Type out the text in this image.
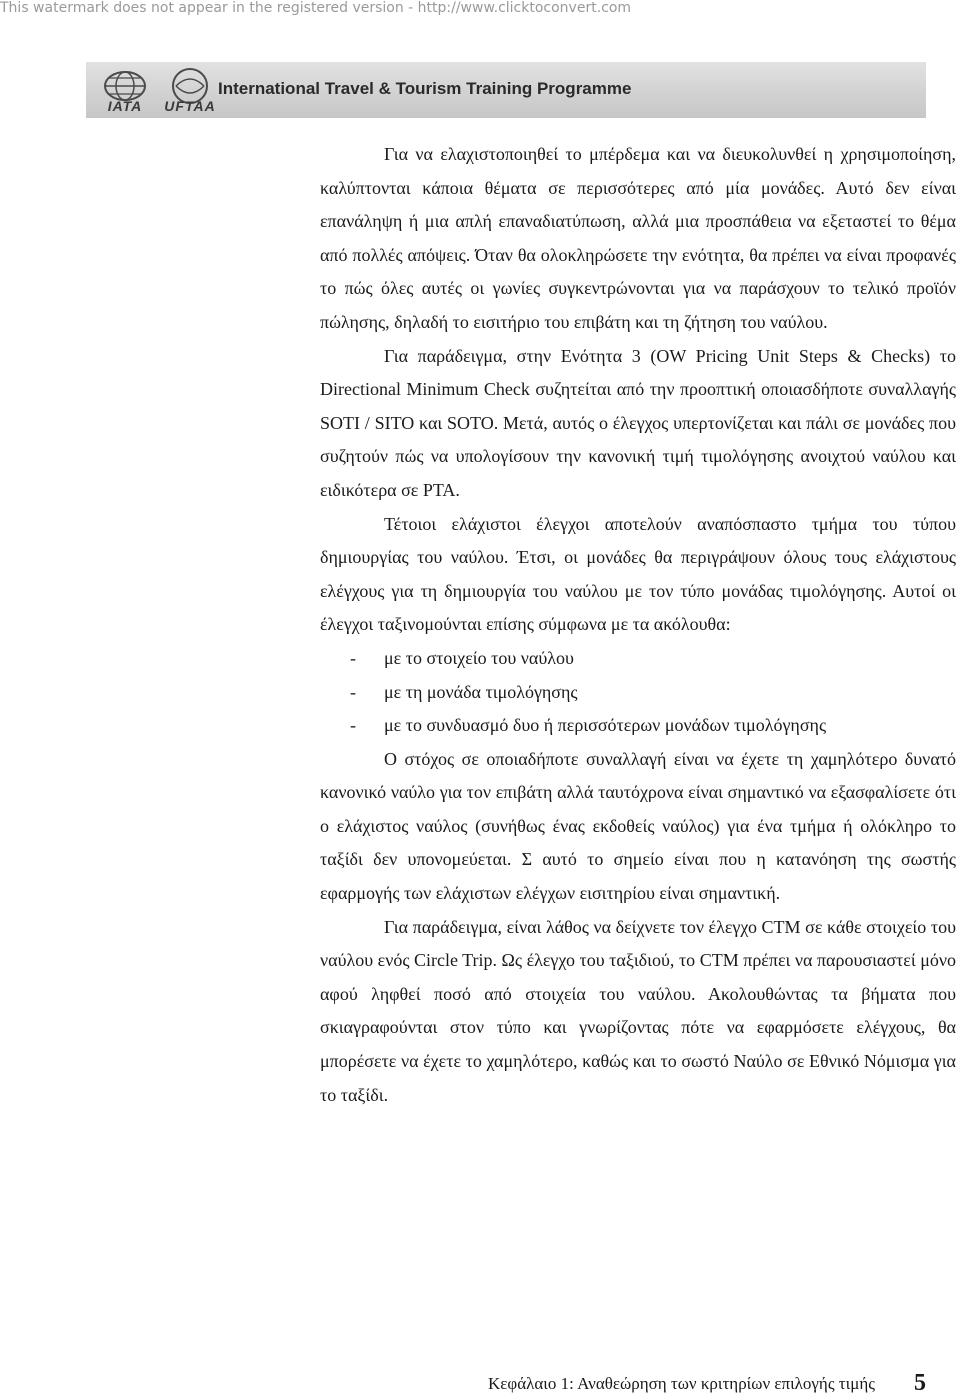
This watermark does not appear in the registered version - http://www.clicktoconvert.com
IATA	UFTAA
International Travel & Tourism Training Programme

Για να ελαχιστοποιηθεί το μπέρδεμα και να διευκολυνθεί η χρησιμοποίηση, καλύπτονται κάποια θέματα σε περισσότερες από μία μονάδες. Αυτό δεν είναι επανάληψη ή μια απλή επαναδιατύπωση, αλλά μια προσπάθεια να εξεταστεί το θέμα από πολλές απόψεις. Όταν θα ολοκληρώσετε την ενότητα, θα πρέπει να είναι προφανές το πώς όλες αυτές οι γωνίες συγκεντρώνονται για να παράσχουν το τελικό προϊόν πώλησης, δηλαδή το εισιτήριο του επιβάτη και τη ζήτηση του ναύλου.

Για παράδειγμα, στην Ενότητα 3 (OW Pricing Unit Steps & Checks) το Directional Minimum Check συζητείται από την προοπτική οποιασδήποτε συναλλαγής SOTI / SITO και SOTO. Μετά, αυτός ο έλεγχος υπερτονίζεται και πάλι σε μονάδες που συζητούν πώς να υπολογίσουν την κανονική τιμή τιμολόγησης ανοιχτού ναύλου και ειδικότερα σε PTA.

Τέτοιοι ελάχιστοι έλεγχοι αποτελούν αναπόσπαστο τμήμα του τύπου δημιουργίας του ναύλου. Έτσι, οι μονάδες θα περιγράψουν όλους τους ελάχιστους ελέγχους για τη δημιουργία του ναύλου με τον τύπο μονάδας τιμολόγησης. Αυτοί οι έλεγχοι ταξινομούνται επίσης σύμφωνα με τα ακόλουθα:

- με το στοιχείο του ναύλου
- με τη μονάδα τιμολόγησης
- με το συνδυασμό δυο ή περισσότερων μονάδων τιμολόγησης

Ο στόχος σε οποιαδήποτε συναλλαγή είναι να έχετε τη χαμηλότερο δυνατό κανονικό ναύλο για τον επιβάτη αλλά ταυτόχρονα είναι σημαντικό να εξασφαλίσετε ότι ο ελάχιστος ναύλος (συνήθως ένας εκδοθείς ναύλος) για ένα τμήμα ή ολόκληρο το ταξίδι δεν υπονομεύεται. Σ αυτό το σημείο είναι που η κατανόηση της σωστής εφαρμογής των ελάχιστων ελέγχων εισιτηρίου είναι σημαντική.

Για παράδειγμα, είναι λάθος να δείχνετε τον έλεγχο CTM σε κάθε στοιχείο του ναύλου ενός Circle Trip. Ως έλεγχο του ταξιδιού, το CTM πρέπει να παρουσιαστεί μόνο αφού ληφθεί ποσό από στοιχεία του ναύλου. Ακολουθώντας τα βήματα που σκιαγραφούνται στον τύπο και γνωρίζοντας πότε να εφαρμόσετε ελέγχους, θα μπορέσετε να έχετε το χαμηλότερο, καθώς και το σωστό Ναύλο σε Εθνικό Νόμισμα για το ταξίδι.

Κεφάλαιο 1: Αναθεώρηση των κριτηρίων επιλογής τιμής 5
